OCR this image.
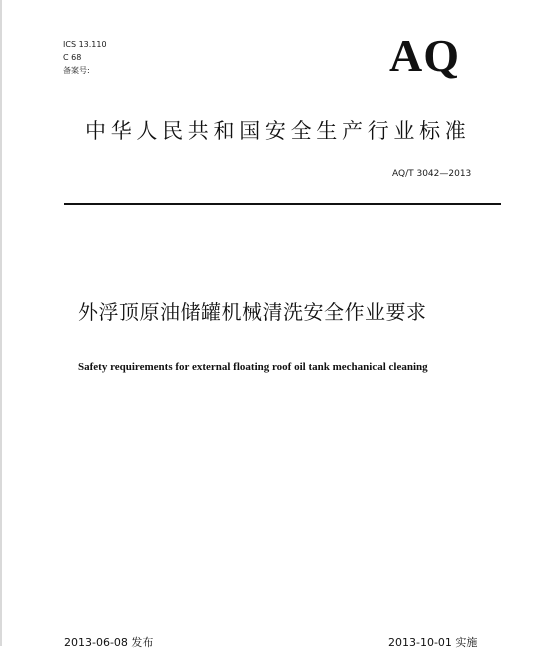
ICS 13.110
C 68
备案号:	AQ
中华人民共和国安全生产行业标准
AQ/T 3042—2013
外浮顶原油储罐机械清洗安全作业要求
Safety requirements for external floating roof oil tank mechanical cleaning
2013-06-08 发布	2013-10-01 实施
